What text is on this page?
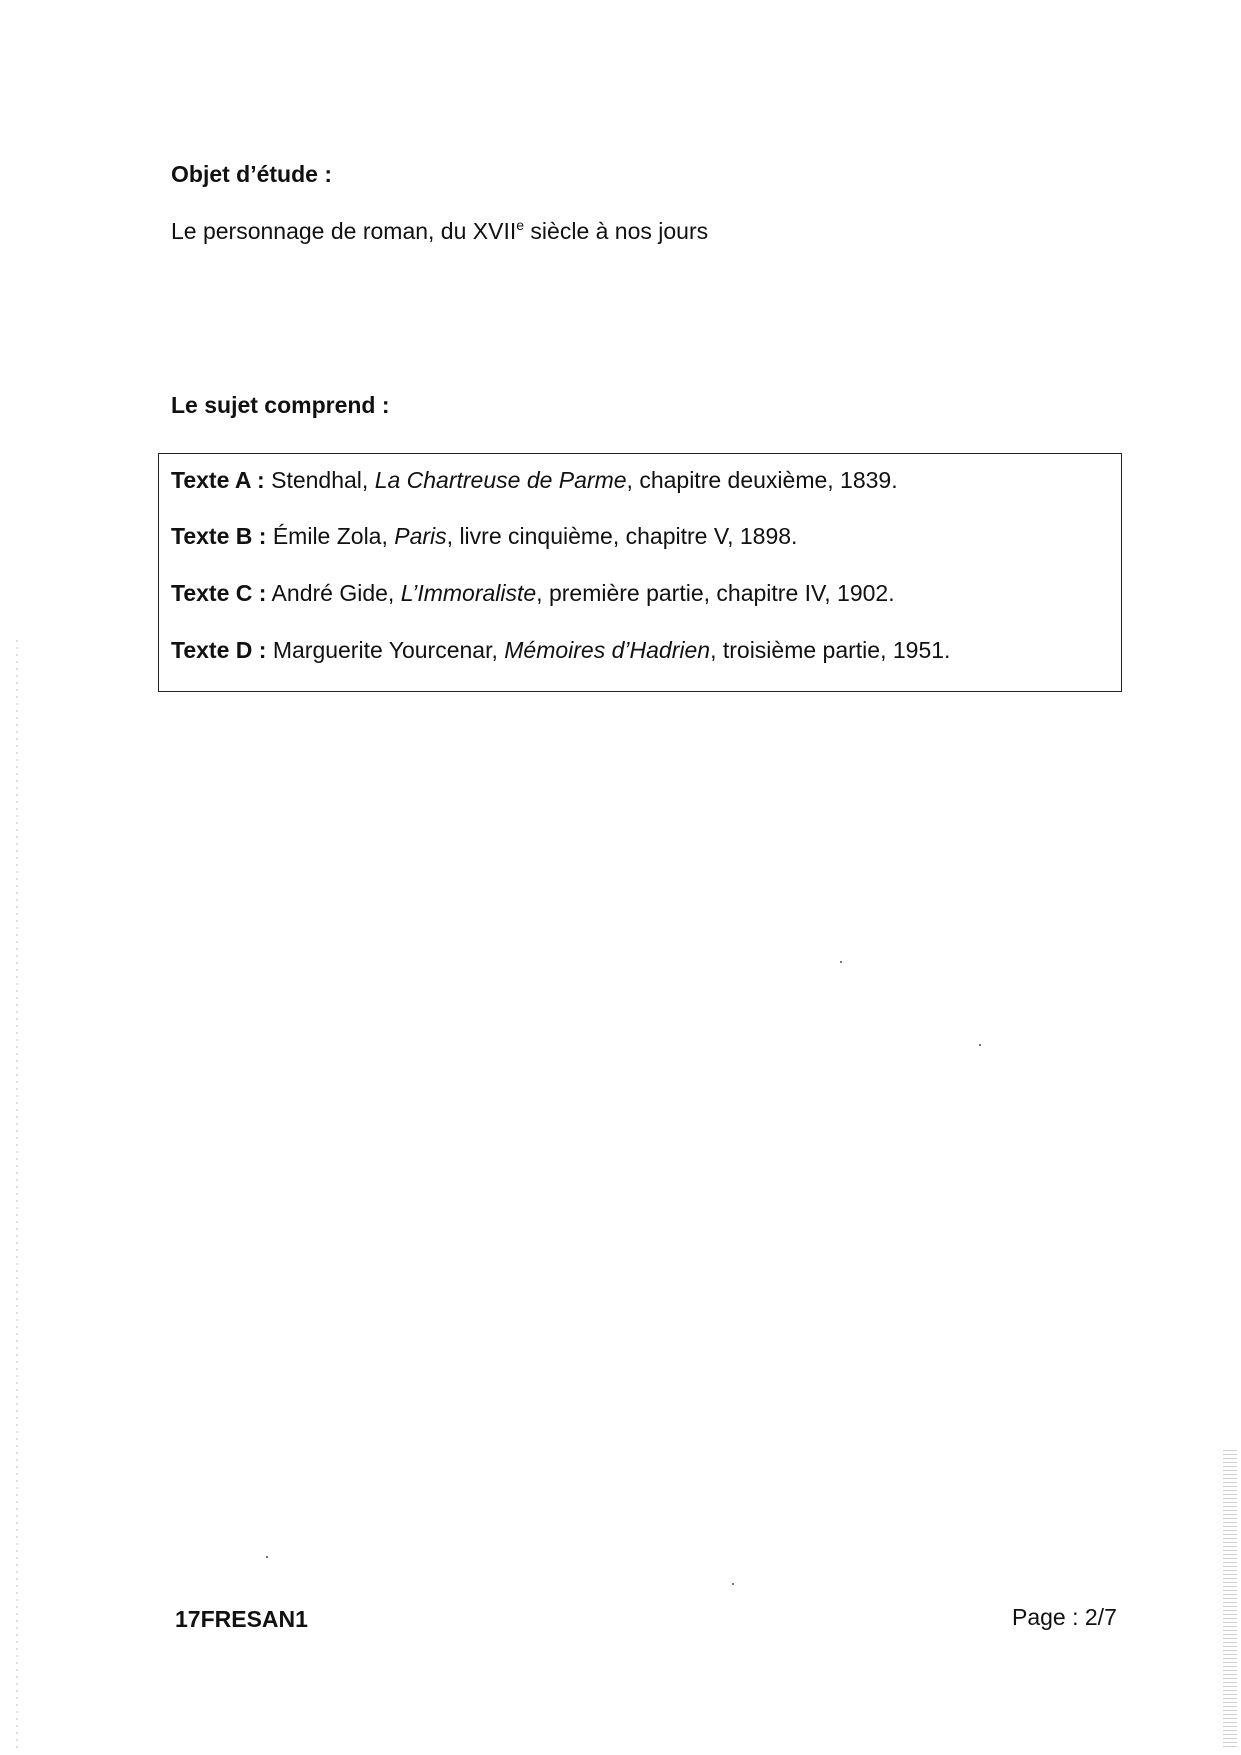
Objet d’étude :
Le personnage de roman, du XVIIe siècle à nos jours
Le sujet comprend :
Texte A : Stendhal, La Chartreuse de Parme, chapitre deuxième, 1839.
Texte B : Émile Zola, Paris, livre cinquième, chapitre V, 1898.
Texte C : André Gide, L’Immoraliste, première partie, chapitre IV, 1902.
Texte D : Marguerite Yourcenar, Mémoires d’Hadrien, troisième partie, 1951.
17FRESAN1	Page : 2/7
